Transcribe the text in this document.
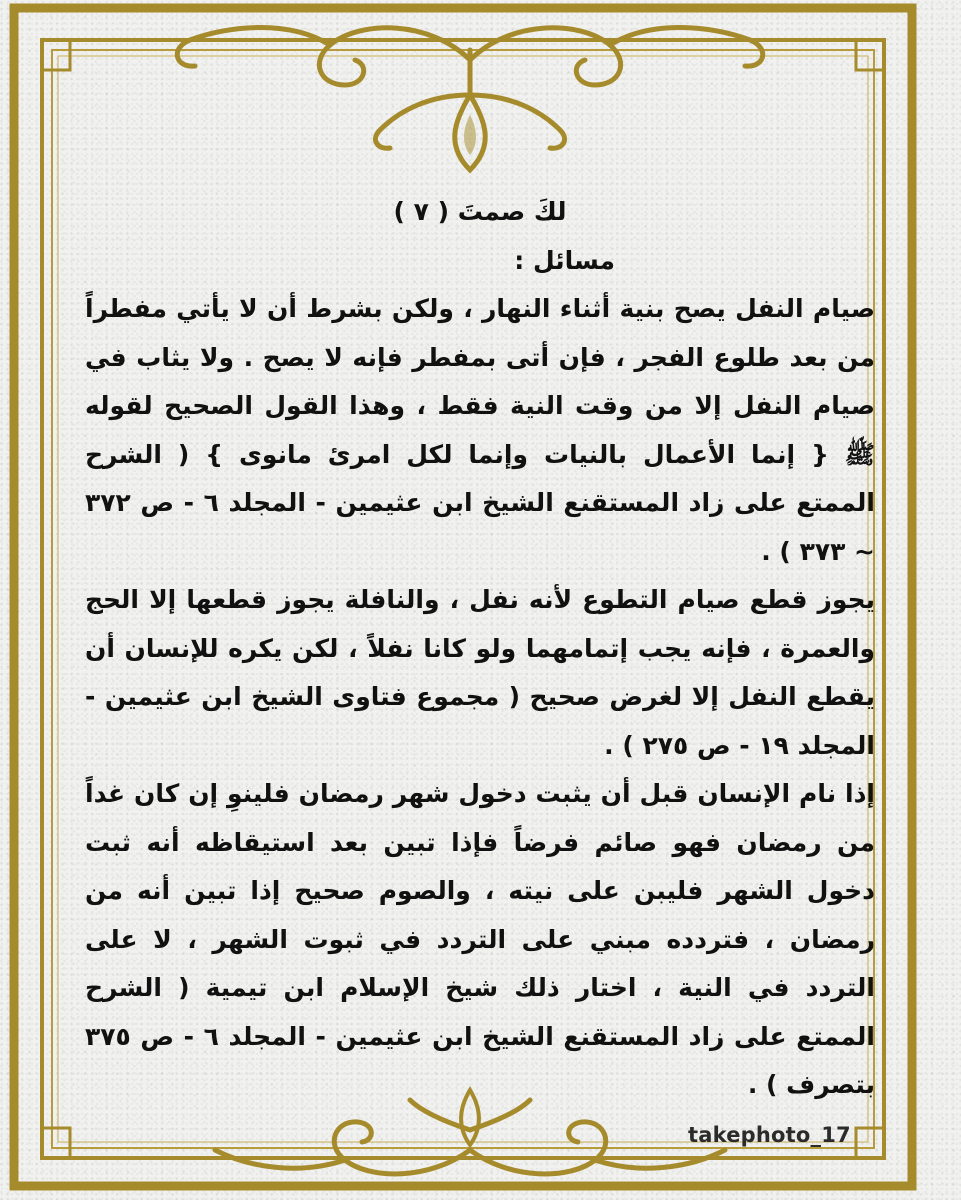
لكَ صمتَ ( ٧ )

مسائل :

صيام النفل يصح بنية أثناء النهار ، ولكن بشرط أن لا يأتي مفطراً من بعد طلوع الفجر ، فإن أتى بمفطر فإنه لا يصح . ولا يثاب في صيام النفل إلا من وقت النية فقط ، وهذا القول الصحيح لقوله ﷺ { إنما الأعمال بالنيات وإنما لكل امرئ مانوى } ( الشرح الممتع على زاد المستقنع الشيخ ابن عثيمين - المجلد ٦ - ص ٣٧٢ ~ ٣٧٣ ) .

يجوز قطع صيام التطوع لأنه نفل ، والنافلة يجوز قطعها إلا الحج والعمرة ، فإنه يجب إتمامهما ولو كانا نفلاً ، لكن يكره للإنسان أن يقطع النفل إلا لغرض صحيح ( مجموع فتاوى الشيخ ابن عثيمين - المجلد ١٩ - ص ٢٧٥ ) .

إذا نام الإنسان قبل أن يثبت دخول شهر رمضان فلينوِ إن كان غداً من رمضان فهو صائم فرضاً فإذا تبين بعد استيقاظه أنه ثبت دخول الشهر فليبن على نيته ، والصوم صحيح إذا تبين أنه من رمضان ، فتردده مبني على التردد في ثبوت الشهر ، لا على التردد في النية ، اختار ذلك شيخ الإسلام ابن تيمية ( الشرح الممتع على زاد المستقنع الشيخ ابن عثيمين - المجلد ٦ - ص ٣٧٥ بتصرف ) .

takephoto_17
